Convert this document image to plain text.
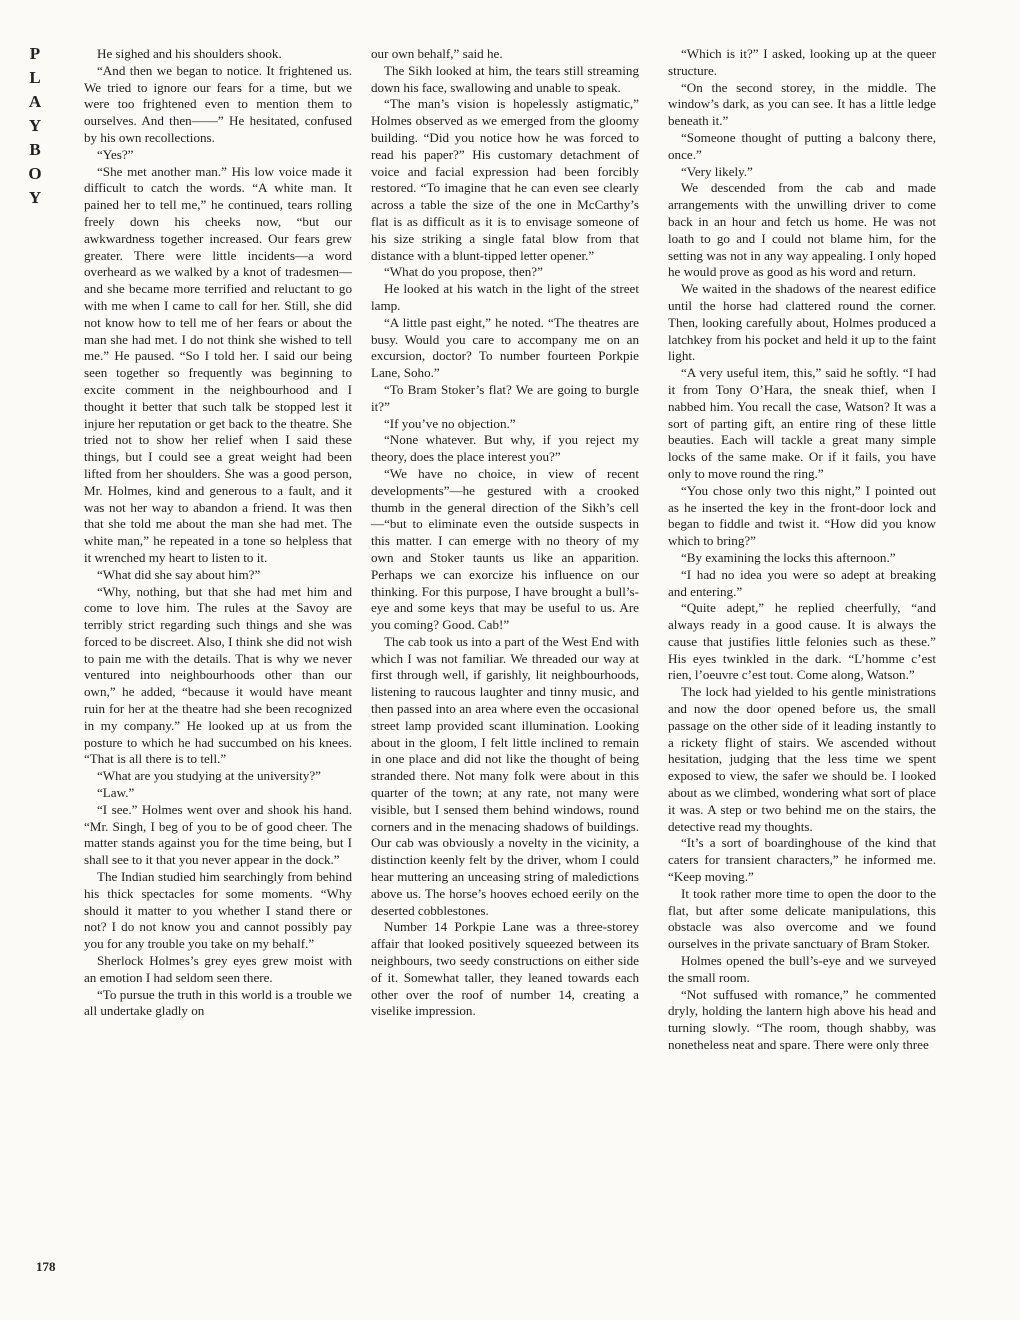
P
L
A
Y
B
O
Y

He sighed and his shoulders shook.

“And then we began to notice. It frightened us. We tried to ignore our fears for a time, but we were too frightened even to mention them to ourselves. And then——” He hesitated, confused by his own recollections.

“Yes?”

“She met another man.” His low voice made it difficult to catch the words. “A white man. It pained her to tell me,” he continued, tears rolling freely down his cheeks now, “but our awkwardness together increased. Our fears grew greater. There were little incidents—a word overheard as we walked by a knot of tradesmen—and she became more terrified and reluctant to go with me when I came to call for her. Still, she did not know how to tell me of her fears or about the man she had met. I do not think she wished to tell me.” He paused. “So I told her. I said our being seen together so frequently was beginning to excite comment in the neighbourhood and I thought it better that such talk be stopped lest it injure her reputation or get back to the theatre. She tried not to show her relief when I said these things, but I could see a great weight had been lifted from her shoulders. She was a good person, Mr. Holmes, kind and generous to a fault, and it was not her way to abandon a friend. It was then that she told me about the man she had met. The white man,” he repeated in a tone so helpless that it wrenched my heart to listen to it.

“What did she say about him?”

“Why, nothing, but that she had met him and come to love him. The rules at the Savoy are terribly strict regarding such things and she was forced to be discreet. Also, I think she did not wish to pain me with the details. That is why we never ventured into neighbourhoods other than our own,” he added, “because it would have meant ruin for her at the theatre had she been recognized in my company.” He looked up at us from the posture to which he had succumbed on his knees. “That is all there is to tell.”

“What are you studying at the university?”

“Law.”

“I see.” Holmes went over and shook his hand. “Mr. Singh, I beg of you to be of good cheer. The matter stands against you for the time being, but I shall see to it that you never appear in the dock.”

The Indian studied him searchingly from behind his thick spectacles for some moments. “Why should it matter to you whether I stand there or not? I do not know you and cannot possibly pay you for any trouble you take on my behalf.”

Sherlock Holmes’s grey eyes grew moist with an emotion I had seldom seen there.

“To pursue the truth in this world is a trouble we all undertake gladly on

our own behalf,” said he.

The Sikh looked at him, the tears still streaming down his face, swallowing and unable to speak.

“The man’s vision is hopelessly astigmatic,” Holmes observed as we emerged from the gloomy building. “Did you notice how he was forced to read his paper?” His customary detachment of voice and facial expression had been forcibly restored. “To imagine that he can even see clearly across a table the size of the one in McCarthy’s flat is as difficult as it is to envisage someone of his size striking a single fatal blow from that distance with a blunt-tipped letter opener.”

“What do you propose, then?”

He looked at his watch in the light of the street lamp.

“A little past eight,” he noted. “The theatres are busy. Would you care to accompany me on an excursion, doctor? To number fourteen Porkpie Lane, Soho.”

“To Bram Stoker’s flat? We are going to burgle it?”

“If you’ve no objection.”

“None whatever. But why, if you reject my theory, does the place interest you?”

“We have no choice, in view of recent developments”—he gestured with a crooked thumb in the general direction of the Sikh’s cell—“but to eliminate even the outside suspects in this matter. I can emerge with no theory of my own and Stoker taunts us like an apparition. Perhaps we can exorcize his influence on our thinking. For this purpose, I have brought a bull’s-eye and some keys that may be useful to us. Are you coming? Good. Cab!”

The cab took us into a part of the West End with which I was not familiar. We threaded our way at first through well, if garishly, lit neighbourhoods, listening to raucous laughter and tinny music, and then passed into an area where even the occasional street lamp provided scant illumination. Looking about in the gloom, I felt little inclined to remain in one place and did not like the thought of being stranded there. Not many folk were about in this quarter of the town; at any rate, not many were visible, but I sensed them behind windows, round corners and in the menacing shadows of buildings. Our cab was obviously a novelty in the vicinity, a distinction keenly felt by the driver, whom I could hear muttering an unceasing string of maledictions above us. The horse’s hooves echoed eerily on the deserted cobblestones.

Number 14 Porkpie Lane was a three-storey affair that looked positively squeezed between its neighbours, two seedy constructions on either side of it. Somewhat taller, they leaned towards each other over the roof of number 14, creating a viselike impression.

“Which is it?” I asked, looking up at the queer structure.

“On the second storey, in the middle. The window’s dark, as you can see. It has a little ledge beneath it.”

“Someone thought of putting a balcony there, once.”

“Very likely.”

We descended from the cab and made arrangements with the unwilling driver to come back in an hour and fetch us home. He was not loath to go and I could not blame him, for the setting was not in any way appealing. I only hoped he would prove as good as his word and return.

We waited in the shadows of the nearest edifice until the horse had clattered round the corner. Then, looking carefully about, Holmes produced a latchkey from his pocket and held it up to the faint light.

“A very useful item, this,” said he softly. “I had it from Tony O’Hara, the sneak thief, when I nabbed him. You recall the case, Watson? It was a sort of parting gift, an entire ring of these little beauties. Each will tackle a great many simple locks of the same make. Or if it fails, you have only to move round the ring.”

“You chose only two this night,” I pointed out as he inserted the key in the front-door lock and began to fiddle and twist it. “How did you know which to bring?”

“By examining the locks this afternoon.”

“I had no idea you were so adept at breaking and entering.”

“Quite adept,” he replied cheerfully, “and always ready in a good cause. It is always the cause that justifies little felonies such as these.” His eyes twinkled in the dark. “L’homme c’est rien, l’oeuvre c’est tout. Come along, Watson.”

The lock had yielded to his gentle ministrations and now the door opened before us, the small passage on the other side of it leading instantly to a rickety flight of stairs. We ascended without hesitation, judging that the less time we spent exposed to view, the safer we should be. I looked about as we climbed, wondering what sort of place it was. A step or two behind me on the stairs, the detective read my thoughts.

“It’s a sort of boardinghouse of the kind that caters for transient characters,” he informed me. “Keep moving.”

It took rather more time to open the door to the flat, but after some delicate manipulations, this obstacle was also overcome and we found ourselves in the private sanctuary of Bram Stoker.

Holmes opened the bull’s-eye and we surveyed the small room.

“Not suffused with romance,” he commented dryly, holding the lantern high above his head and turning slowly. “The room, though shabby, was nonetheless neat and spare. There were only three

178
